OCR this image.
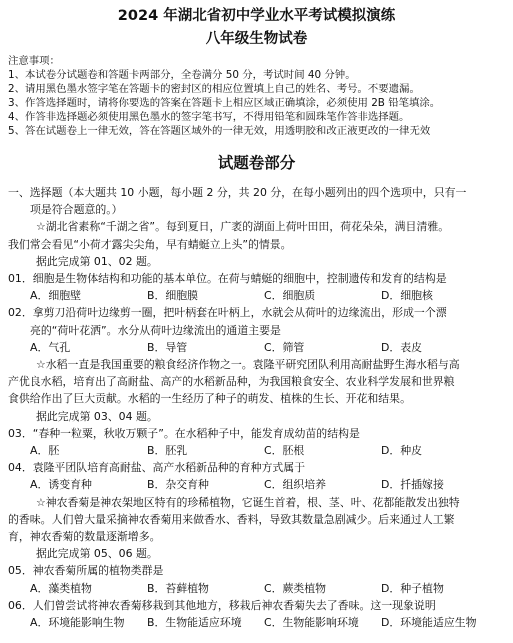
2024 年湖北省初中学业水平考试模拟演练
八年级生物试卷
注意事项：
1、本试卷分试题卷和答题卡两部分，全卷满分 50 分，考试时间 40 分钟。
2、请用黑色墨水签字笔在答题卡的密封区的相应位置填上自己的姓名、考号。不要遗漏。
3、作答选择题时，请将你要选的答案在答题卡上相应区域正确填涂，必须使用 2B 铅笔填涂。
4、作答非选择题必须使用黑色墨水的签字笔书写，不得用铅笔和圆珠笔作答非选择题。
5、答在试题卷上一律无效，答在答题区域外的一律无效，用透明胶和改正液更改的一律无效
试题卷部分
一、选择题（本大题共 10 小题，每小题 2 分，共 20 分，在每小题列出的四个选项中，只有一
项是符合题意的。）
☆湖北省素称“千湖之省”。每到夏日，广袤的湖面上荷叶田田，荷花朵朵，满目清雅。
我们常会看见“小荷才露尖尖角，早有蜻蜓立上头”的情景。
据此完成第 01、02 题。
01．细胞是生物体结构和功能的基本单位。在荷与蜻蜓的细胞中，控制遗传和发育的结构是
A．细胞壁	B．细胞膜	C．细胞质	D．细胞核
02．拿剪刀沿荷叶边缘剪一圈，把叶柄套在叶柄上，水就会从荷叶的边缘流出，形成一个漂
亮的“荷叶花洒”。水分从荷叶边缘流出的通道主要是
A．气孔	B．导管	C．筛管	D．表皮
☆水稻一直是我国重要的粮食经济作物之一。袁隆平研究团队利用高耐盐野生海水稻与高
产优良水稻，培育出了高耐盐、高产的水稻新品种，为我国粮食安全、农业科学发展和世界粮
食供给作出了巨大贡献。水稻的一生经历了种子的萌发、植株的生长、开花和结果。
据此完成第 03、04 题。
03．“春种一粒粟，秋收万颗子”。在水稻种子中，能发育成幼苗的结构是
A．胚	B．胚乳	C．胚根	D．种皮
04．袁隆平团队培育高耐盐、高产水稻新品种的育种方式属于
A．诱变育种	B．杂交育种	C．组织培养	D．扦插嫁接
☆神农香菊是神农架地区特有的珍稀植物，它诞生首着，根、茎、叶、花都能散发出独特
的香味。人们曾大量采摘神农香菊用来做香水、香料，导致其数量急剧减少。后来通过人工繁
育，神农香菊的数量逐渐增多。
据此完成第 05、06 题。
05．神农香菊所属的植物类群是
A．藻类植物	B．苔藓植物	C．蕨类植物	D．种子植物
06．人们曾尝试将神农香菊移栽到其他地方，移栽后神农香菊失去了香味。这一现象说明
A．环境能影响生物	B．生物能适应环境	C．生物能影响环境	D．环境能适应生物
